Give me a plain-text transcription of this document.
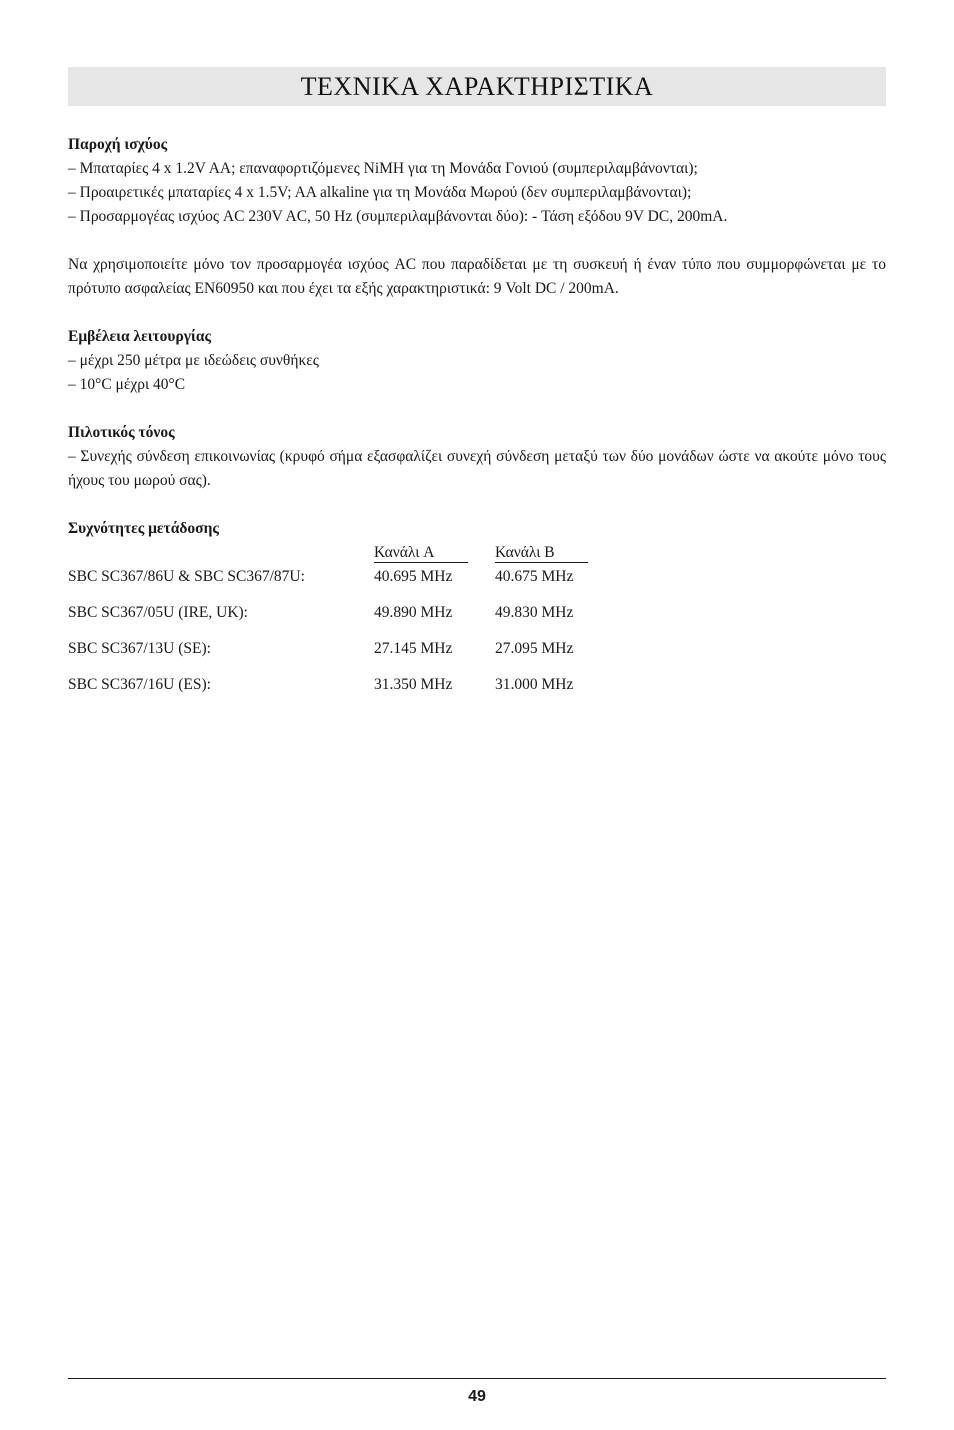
ΤΕΧΝΙΚΑ ΧΑΡΑΚΤΗΡΙΣΤΙΚΑ

Παροχή ισχύος

– Μπαταρίες 4 x 1.2V AA; επαναφορτιζόμενες NiMH για τη Μονάδα Γονιού (συμπεριλαμβάνονται);

– Προαιρετικές μπαταρίες 4 x 1.5V; AA alkaline για τη Μονάδα Μωρού (δεν συμπεριλαμβάνονται);

– Προσαρμογέας ισχύος AC 230V AC, 50 Hz (συμπεριλαμβάνονται δύο): - Τάση εξόδου 9V DC, 200mA.

Να χρησιμοποιείτε μόνο τον προσαρμογέα ισχύος AC που παραδίδεται με τη συσκευή ή έναν τύπο που συμμορφώνεται με το πρότυπο ασφαλείας EN60950 και που έχει τα εξής χαρακτηριστικά: 9 Volt DC / 200mA.

Εμβέλεια λειτουργίας

– μέχρι 250 μέτρα με ιδεώδεις συνθήκες

– 10°C μέχρι 40°C

Πιλοτικός τόνος

– Συνεχής σύνδεση επικοινωνίας (κρυφό σήμα εξασφαλίζει συνεχή σύνδεση μεταξύ των δύο μονάδων ώστε να ακούτε μόνο τους ήχους του μωρού σας).

Συχνότητες μετάδοσης

	Κανάλι A	Κανάλι B
SBC SC367/86U & SBC SC367/87U:	40.695 MHz	40.675 MHz
SBC SC367/05U (IRE, UK):	49.890 MHz	49.830 MHz
SBC SC367/13U (SE):	27.145 MHz	27.095 MHz
SBC SC367/16U (ES):	31.350 MHz	31.000 MHz
49
